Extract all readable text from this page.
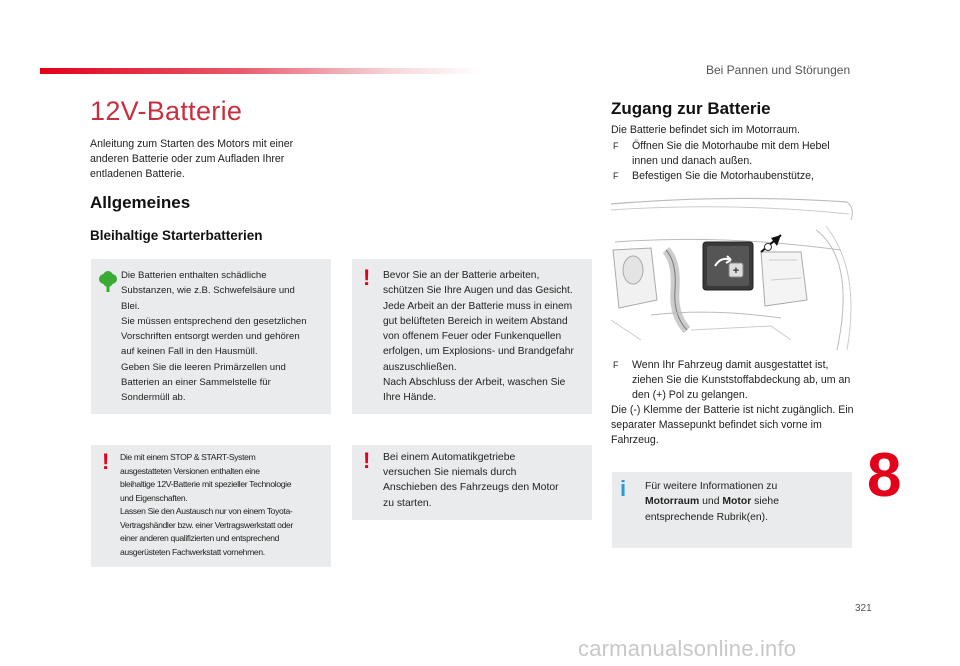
Bei Pannen und Störungen
12V-Batterie
Anleitung zum Starten des Motors mit einer anderen Batterie oder zum Aufladen Ihrer entladenen Batterie.
Allgemeines
Bleihaltige Starterbatterien
Die Batterien enthalten schädliche
Substanzen, wie z.B. Schwefelsäure und
Blei.
Sie müssen entsprechend den gesetzlichen
Vorschriften entsorgt werden und gehören
auf keinen Fall in den Hausmüll.
Geben Sie die leeren Primärzellen und
Batterien an einer Sammelstelle für
Sondermüll ab.
! Bevor Sie an der Batterie arbeiten,
schützen Sie Ihre Augen und das Gesicht.
Jede Arbeit an der Batterie muss in einem
gut belüfteten Bereich in weitem Abstand
von offenem Feuer oder Funkenquellen
erfolgen, um Explosions- und Brandgefahr
auszuschließen.
Nach Abschluss der Arbeit, waschen Sie
Ihre Hände.
! Die mit einem STOP & START-System
ausgestatteten Versionen enthalten eine
bleihaltige 12V-Batterie mit spezieller Technologie
und Eigenschaften.
Lassen Sie den Austausch nur von einem Toyota-
Vertragshändler bzw. einer Vertragswerkstatt oder
einer anderen qualifizierten und entsprechend
ausgerüsteten Fachwerkstatt vornehmen.
! Bei einem Automatikgetriebe
versuchen Sie niemals durch
Anschieben des Fahrzeugs den Motor
zu starten.
Zugang zur Batterie
Die Batterie befindet sich im Motorraum.
F Öffnen Sie die Motorhaube mit dem Hebel innen und danach außen.
F Befestigen Sie die Motorhaubenstütze,
+
F Wenn Ihr Fahrzeug damit ausgestattet ist, ziehen Sie die Kunststoffabdeckung ab, um an den (+) Pol zu gelangen.
Die (-) Klemme der Batterie ist nicht zugänglich. Ein separater Massepunkt befindet sich vorne im Fahrzeug.
i Für weitere Informationen zu
Motorraum und Motor siehe
entsprechende Rubrik(en).
8
321
carmanualsonline.info
